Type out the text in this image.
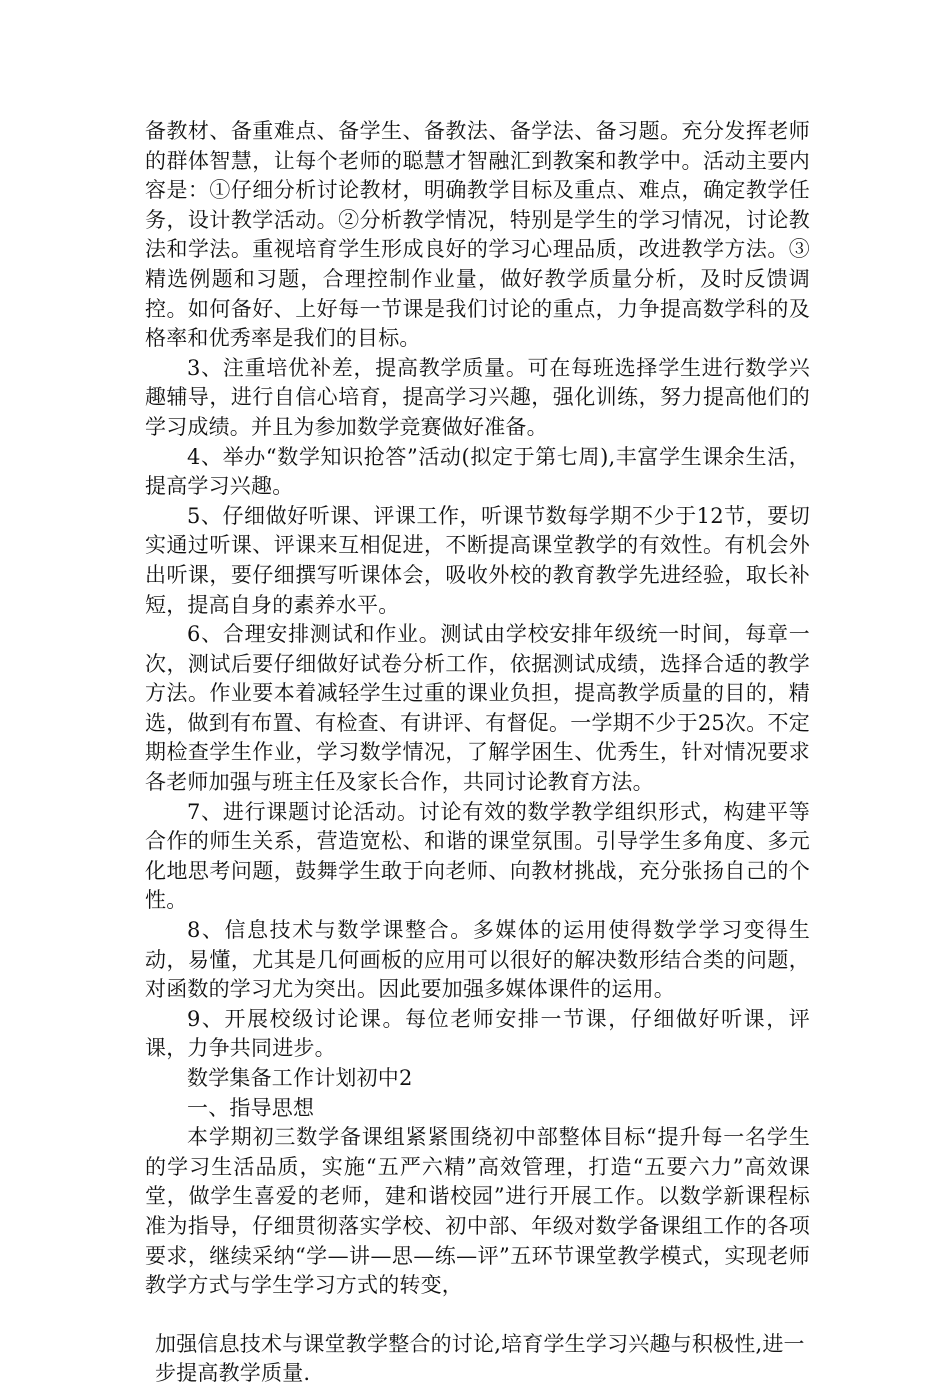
备教材、备重难点、备学生、备教法、备学法、备习题。充分发挥老师的群体智慧，让每个老师的聪慧才智融汇到教案和教学中。活动主要内容是：①仔细分析讨论教材，明确教学目标及重点、难点，确定教学任务，设计教学活动。②分析教学情况，特别是学生的学习情况，讨论教法和学法。重视培育学生形成良好的学习心理品质，改进教学方法。③精选例题和习题，合理控制作业量，做好教学质量分析，及时反馈调控。如何备好、上好每一节课是我们讨论的重点，力争提高数学科的及格率和优秀率是我们的目标。

3、注重培优补差，提高教学质量。可在每班选择学生进行数学兴趣辅导，进行自信心培育，提高学习兴趣，强化训练，努力提高他们的学习成绩。并且为参加数学竞赛做好准备。

4、举办“数学知识抢答”活动(拟定于第七周),丰富学生课余生活，提高学习兴趣。

5、仔细做好听课、评课工作，听课节数每学期不少于12节，要切实通过听课、评课来互相促进，不断提高课堂教学的有效性。有机会外出听课，要仔细撰写听课体会，吸收外校的教育教学先进经验，取长补短，提高自身的素养水平。

6、合理安排测试和作业。测试由学校安排年级统一时间，每章一次，测试后要仔细做好试卷分析工作，依据测试成绩，选择合适的教学方法。作业要本着减轻学生过重的课业负担，提高教学质量的目的，精选，做到有布置、有检查、有讲评、有督促。一学期不少于25次。不定期检查学生作业，学习数学情况，了解学困生、优秀生，针对情况要求各老师加强与班主任及家长合作，共同讨论教育方法。

7、进行课题讨论活动。讨论有效的数学教学组织形式，构建平等合作的师生关系，营造宽松、和谐的课堂氛围。引导学生多角度、多元化地思考问题，鼓舞学生敢于向老师、向教材挑战，充分张扬自己的个性。

8、信息技术与数学课整合。多媒体的运用使得数学学习变得生动，易懂，尤其是几何画板的应用可以很好的解决数形结合类的问题，对函数的学习尤为突出。因此要加强多媒体课件的运用。

9、开展校级讨论课。每位老师安排一节课，仔细做好听课，评课，力争共同进步。

数学集备工作计划初中2

一、指导思想

本学期初三数学备课组紧紧围绕初中部整体目标“提升每一名学生的学习生活品质，实施“五严六精”高效管理，打造“五要六力”高效课堂，做学生喜爱的老师，建和谐校园”进行开展工作。以数学新课程标准为指导，仔细贯彻落实学校、初中部、年级对数学备课组工作的各项要求，继续采纳“学—讲—思—练—评”五环节课堂教学模式，实现老师教学方式与学生学习方式的转变，

加强信息技术与课堂教学整合的讨论,培育学生学习兴趣与积极性,进一步提高教学质量.
